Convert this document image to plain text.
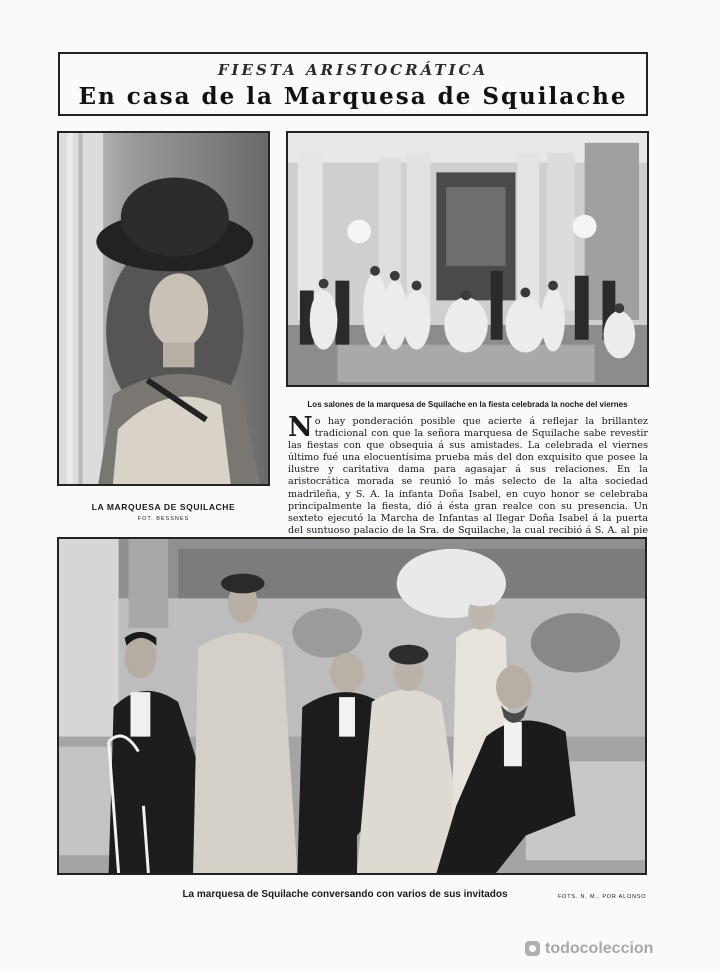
FIESTA ARISTOCRÁTICA
En casa de la Marquesa de Squilache
LA MARQUESA DE SQUILACHE
FOT. BESSNES
Los salones de la marquesa de Squilache en la fiesta celebrada la noche del viernes

No hay ponderación posible que acierte á reflejar la brillantez tradicional con que la señora marquesa de Squilache sabe revestir las fiestas con que obsequia á sus amistades. La celebrada el viernes último fué una elocuentísima prueba más del don exquisito que posee la ilustre y caritativa dama para agasajar á sus relaciones. En la aristocrática morada se reunió lo más selecto de la alta sociedad madrileña, y S. A. la infanta Doña Isabel, en cuyo honor se celebraba principalmente la fiesta, dió á ésta gran realce con su presencia. Un sexteto ejecutó la Marcha de Infantas al llegar Doña Isabel á la puerta del suntuoso palacio de la Sra. de Squilache, la cual recibió á S. A. al pie

La marquesa de Squilache conversando con varios de sus invitados	FOTS. N. M., POR ALONSO
todocoleccion
